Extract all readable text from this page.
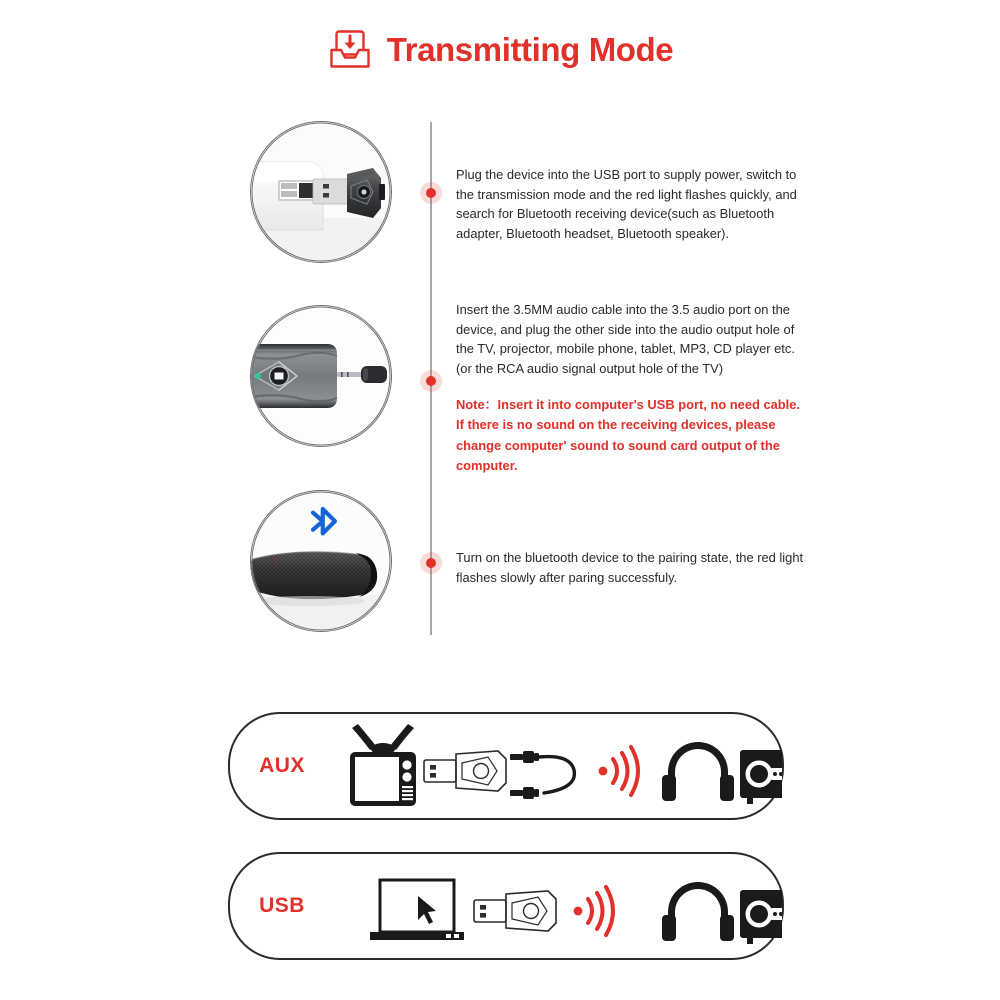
Transmitting Mode
Plug the device into the USB port to supply power, switch to the transmission mode and the red light flashes quickly, and search for Bluetooth receiving device(such as Bluetooth adapter, Bluetooth headset, Bluetooth speaker).
Insert the 3.5MM audio cable into the 3.5 audio port on the device, and plug the other side into the audio output hole of the TV, projector, mobile phone, tablet, MP3, CD player etc. (or the RCA audio signal output hole of the TV)
Note：Insert it into computer's USB port, no need cable. If there is no sound on the receiving devices, please change computer' sound to sound card output of the computer.
Turn on the bluetooth device to the pairing state, the red light flashes slowly after paring successfuly.
AUX
USB
